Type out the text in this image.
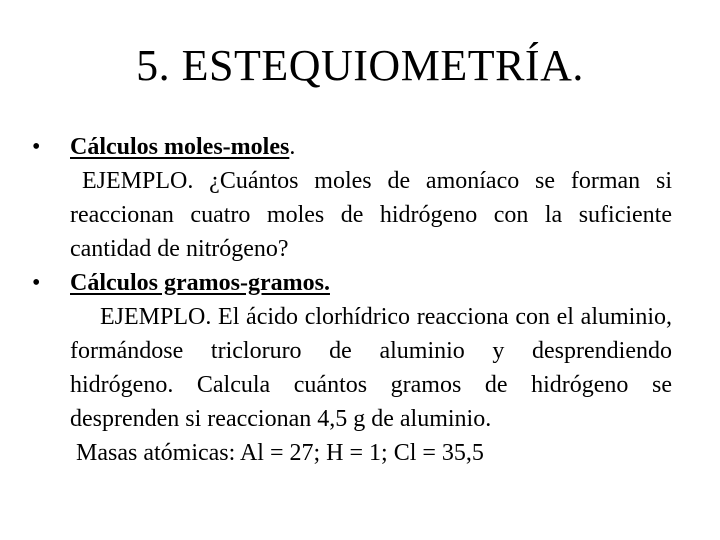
5. ESTEQUIOMETRÍA.
•	Cálculos moles-moles.
EJEMPLO. ¿Cuántos moles de amoníaco se forman si reaccionan cuatro moles de hidrógeno con la suficiente cantidad de nitrógeno?
•	Cálculos gramos-gramos.
EJEMPLO. El ácido clorhídrico reacciona con el aluminio, formándose tricloruro de aluminio y desprendiendo hidrógeno. Calcula cuántos gramos de hidrógeno se desprenden si reaccionan 4,5 g de aluminio.
Masas atómicas: Al = 27; H = 1; Cl = 35,5
